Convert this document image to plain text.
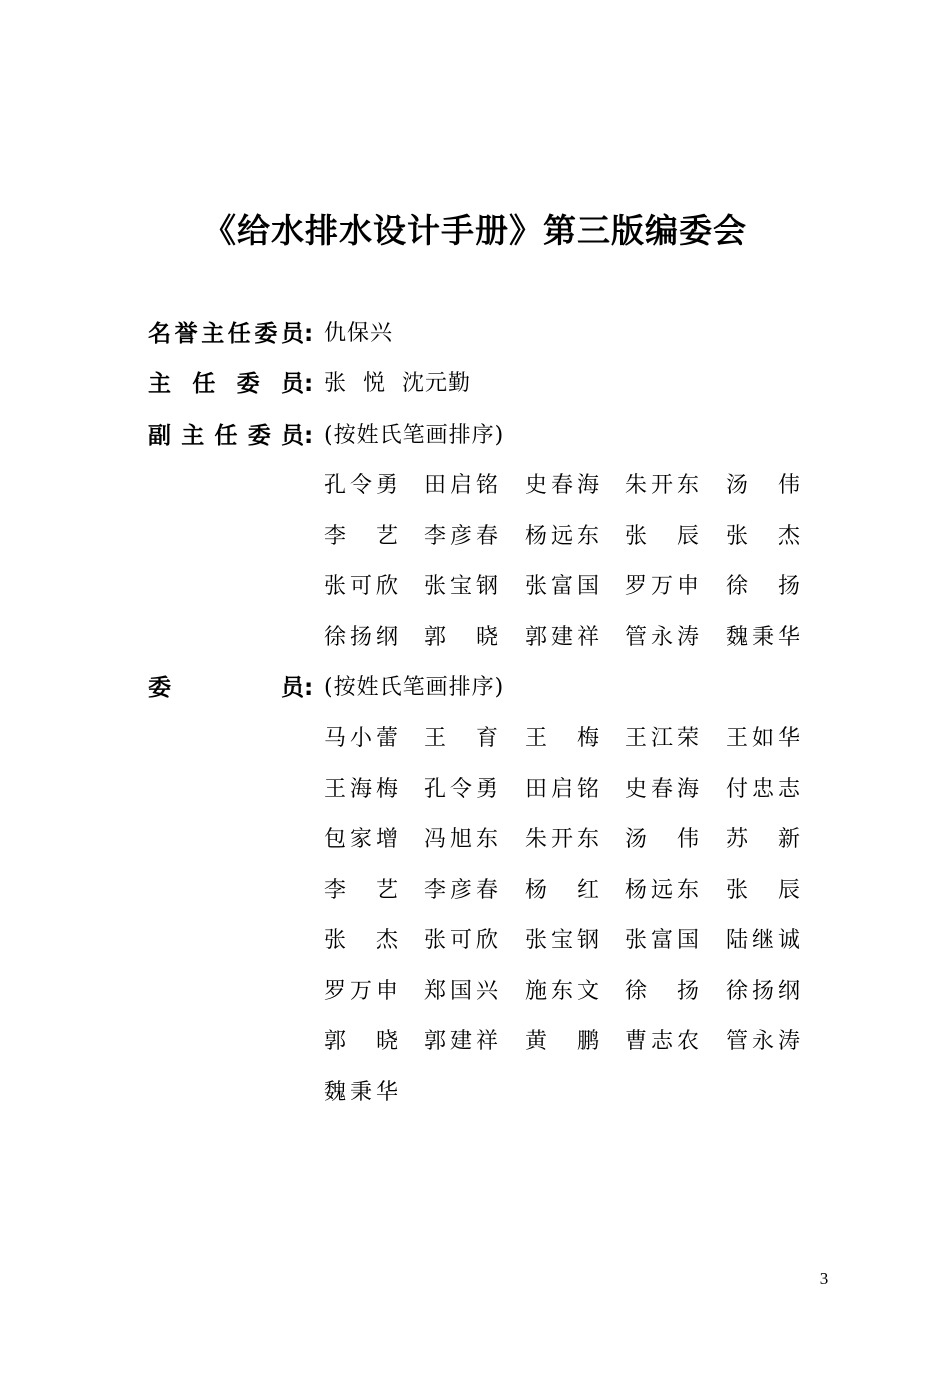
《给水排水设计手册》第三版编委会
名誉主任委员 : 仇保兴
主任委员 : 张  悦  沈元勤
副主任委员 : (按姓氏笔画排序)
孔令勇 田启铭 史春海 朱开东 汤伟
李艺 李彦春 杨远东 张辰 张杰
张可欣 张宝钢 张富国 罗万申 徐扬
徐扬纲 郭晓 郭建祥 管永涛 魏秉华
委员 : (按姓氏笔画排序)
马小蕾 王育 王梅 王江荣 王如华
王海梅 孔令勇 田启铭 史春海 付忠志
包家增 冯旭东 朱开东 汤伟 苏新
李艺 李彦春 杨红 杨远东 张辰
张杰 张可欣 张宝钢 张富国 陆继诚
罗万申 郑国兴 施东文 徐扬 徐扬纲
郭晓 郭建祥 黄鹏 曹志农 管永涛
魏秉华
3
